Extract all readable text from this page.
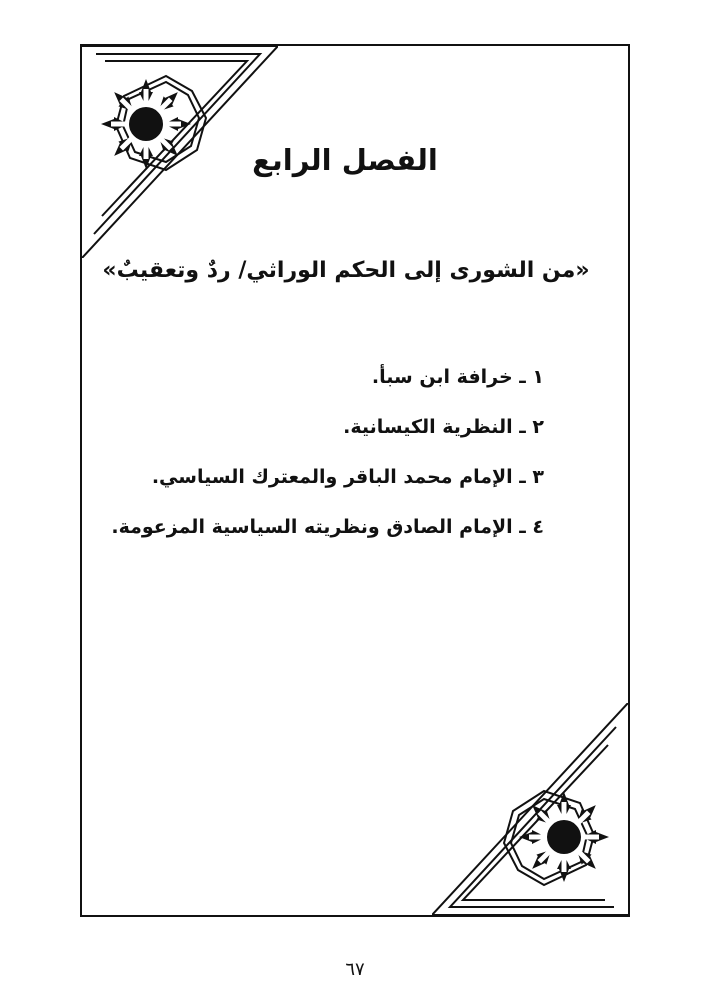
الفصل الرابع

«من الشورى إلى الحكم الوراثي/ ردٌ وتعقيبٌ»

١ ـ خرافة ابن سبأ.
٢ ـ النظرية الكيسانية.
٣ ـ الإمام محمد الباقر والمعترك السياسي.
٤ ـ الإمام الصادق ونظريته السياسية المزعومة.

٦٧
